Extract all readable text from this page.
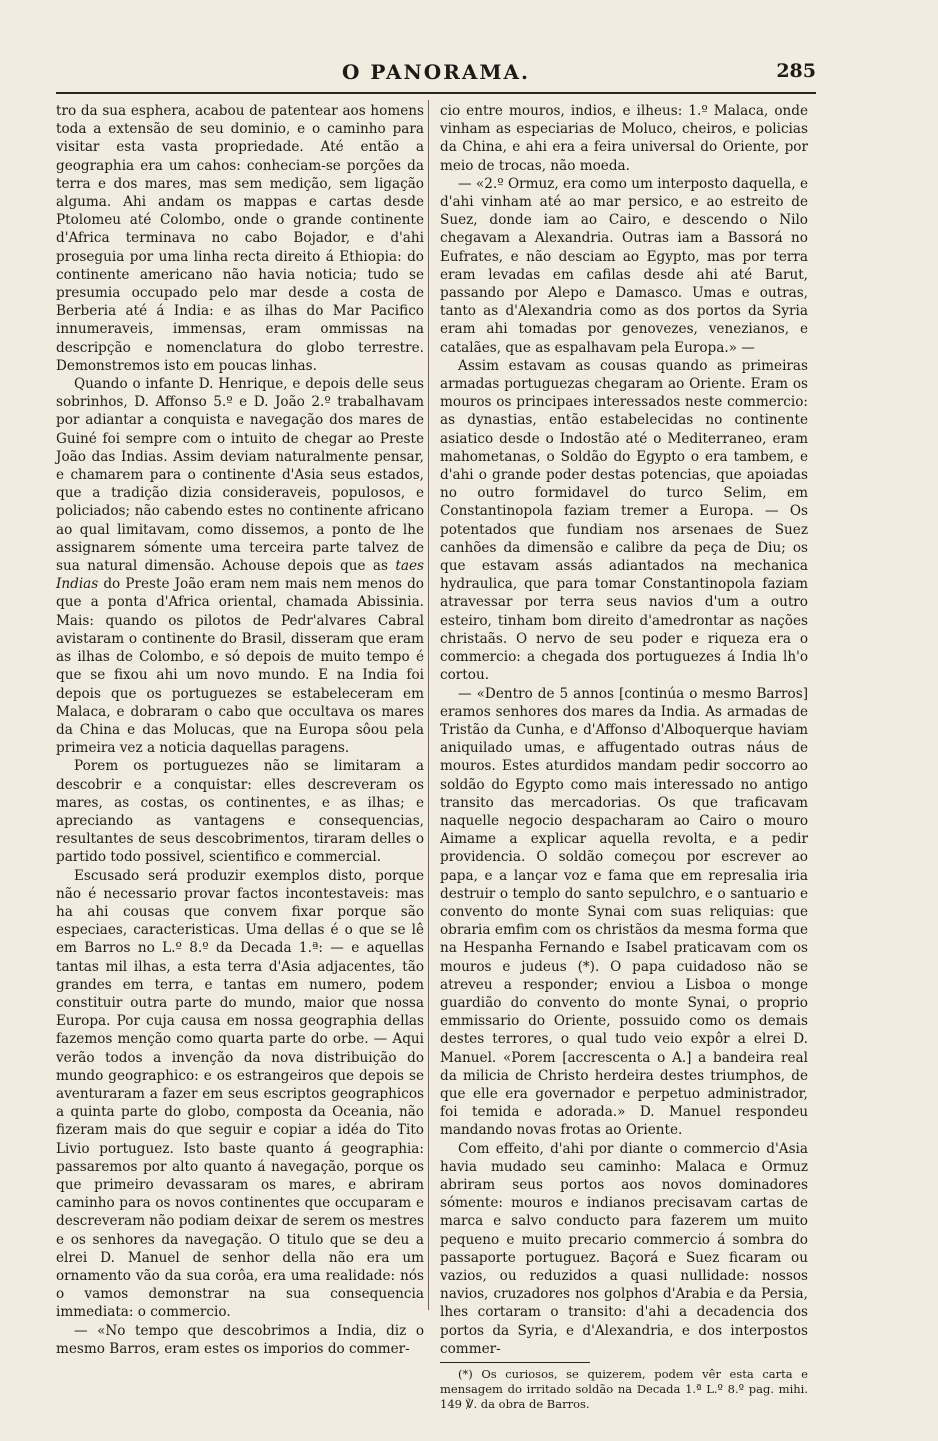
O PANORAMA.	285

tro da sua esphera, acabou de patentear aos homens toda a extensão de seu dominio, e o caminho para visitar esta vasta propriedade. Até então a geographia era um cahos: conheciam-se porções da terra e dos mares, mas sem medição, sem ligação alguma. Ahi andam os mappas e cartas desde Ptolomeu até Colombo, onde o grande continente d'Africa terminava no cabo Bojador, e d'ahi proseguia por uma linha recta direito á Ethiopia: do continente americano não havia noticia; tudo se presumia occupado pelo mar desde a costa de Berberia até á India: e as ilhas do Mar Pacifico innumeraveis, immensas, eram ommissas na descripção e nomenclatura do globo terrestre. Demonstremos isto em poucas linhas.

Quando o infante D. Henrique, e depois delle seus sobrinhos, D. Affonso 5.º e D. João 2.º trabalhavam por adiantar a conquista e navegação dos mares de Guiné foi sempre com o intuito de chegar ao Preste João das Indias. Assim deviam naturalmente pensar, e chamarem para o continente d'Asia seus estados, que a tradição dizia consideraveis, populosos, e policiados; não cabendo estes no continente africano ao qual limitavam, como dissemos, a ponto de lhe assignarem sómente uma terceira parte talvez de sua natural dimensão. Achouse depois que as taes Indias do Preste João eram nem mais nem menos do que a ponta d'Africa oriental, chamada Abissinia. Mais: quando os pilotos de Pedr'alvares Cabral avistaram o continente do Brasil, disseram que eram as ilhas de Colombo, e só depois de muito tempo é que se fixou ahi um novo mundo. E na India foi depois que os portuguezes se estabeleceram em Malaca, e dobraram o cabo que occultava os mares da China e das Molucas, que na Europa sôou pela primeira vez a noticia daquellas paragens.

Porem os portuguezes não se limitaram a descobrir e a conquistar: elles descreveram os mares, as costas, os continentes, e as ilhas; e apreciando as vantagens e consequencias, resultantes de seus descobrimentos, tiraram delles o partido todo possivel, scientifico e commercial.

Escusado será produzir exemplos disto, porque não é necessario provar factos incontestaveis: mas ha ahi cousas que convem fixar porque são especiaes, caracteristicas. Uma dellas é o que se lê em Barros no L.º 8.º da Decada 1.ª: — e aquellas tantas mil ilhas, a esta terra d'Asia adjacentes, tão grandes em terra, e tantas em numero, podem constituir outra parte do mundo, maior que nossa Europa. Por cuja causa em nossa geographia dellas fazemos menção como quarta parte do orbe. — Aqui verão todos a invenção da nova distribuição do mundo geographico: e os estrangeiros que depois se aventuraram a fazer em seus escriptos geographicos a quinta parte do globo, composta da Oceania, não fizeram mais do que seguir e copiar a idéa do Tito Livio portuguez. Isto baste quanto á geographia: passaremos por alto quanto á navegação, porque os que primeiro devassaram os mares, e abriram caminho para os novos continentes que occuparam e descreveram não podiam deixar de serem os mestres e os senhores da navegação. O titulo que se deu a elrei D. Manuel de senhor della não era um ornamento vão da sua corôa, era uma realidade: nós o vamos demonstrar na sua consequencia immediata: o commercio.

— «No tempo que descobrimos a India, diz o mesmo Barros, eram estes os imporios do commer-

cio entre mouros, indios, e ilheus: 1.º Malaca, onde vinham as especiarias de Moluco, cheiros, e policias da China, e ahi era a feira universal do Oriente, por meio de trocas, não moeda.

— «2.º Ormuz, era como um interposto daquella, e d'ahi vinham até ao mar persico, e ao estreito de Suez, donde iam ao Cairo, e descendo o Nilo chegavam a Alexandria. Outras iam a Bassorá no Eufrates, e não desciam ao Egypto, mas por terra eram levadas em cafilas desde ahi até Barut, passando por Alepo e Damasco. Umas e outras, tanto as d'Alexandria como as dos portos da Syria eram ahi tomadas por genovezes, venezianos, e catalães, que as espalhavam pela Europa.» —

Assim estavam as cousas quando as primeiras armadas portuguezas chegaram ao Oriente. Eram os mouros os principaes interessados neste commercio: as dynastias, então estabelecidas no continente asiatico desde o Indostão até o Mediterraneo, eram mahometanas, o Soldão do Egypto o era tambem, e d'ahi o grande poder destas potencias, que apoiadas no outro formidavel do turco Selim, em Constantinopola faziam tremer a Europa. — Os potentados que fundiam nos arsenaes de Suez canhões da dimensão e calibre da peça de Diu; os que estavam assás adiantados na mechanica hydraulica, que para tomar Constantinopola faziam atravessar por terra seus navios d'um a outro esteiro, tinham bom direito d'amedrontar as nações christaãs. O nervo de seu poder e riqueza era o commercio: a chegada dos portuguezes á India lh'o cortou.

— «Dentro de 5 annos [continúa o mesmo Barros] eramos senhores dos mares da India. As armadas de Tristão da Cunha, e d'Affonso d'Alboquerque haviam aniquilado umas, e affugentado outras náus de mouros. Estes aturdidos mandam pedir soccorro ao soldão do Egypto como mais interessado no antigo transito das mercadorias. Os que traficavam naquelle negocio despacharam ao Cairo o mouro Aimame a explicar aquella revolta, e a pedir providencia. O soldão começou por escrever ao papa, e a lançar voz e fama que em represalia iria destruir o templo do santo sepulchro, e o santuario e convento do monte Synai com suas reliquias: que obraria emfim com os christãos da mesma forma que na Hespanha Fernando e Isabel praticavam com os mouros e judeus (*). O papa cuidadoso não se atreveu a responder; enviou a Lisboa o monge guardião do convento do monte Synai, o proprio emmissario do Oriente, possuido como os demais destes terrores, o qual tudo veio expôr a elrei D. Manuel. «Porem [accrescenta o A.] a bandeira real da milicia de Christo herdeira destes triumphos, de que elle era governador e perpetuo administrador, foi temida e adorada.» D. Manuel respondeu mandando novas frotas ao Oriente.

Com effeito, d'ahi por diante o commercio d'Asia havia mudado seu caminho: Malaca e Ormuz abriram seus portos aos novos dominadores sómente: mouros e indianos precisavam cartas de marca e salvo conducto para fazerem um muito pequeno e muito precario commercio á sombra do passaporte portuguez. Baçorá e Suez ficaram ou vazios, ou reduzidos a quasi nullidade: nossos navios, cruzadores nos golphos d'Arabia e da Persia, lhes cortaram o transito: d'ahi a decadencia dos portos da Syria, e d'Alexandria, e dos interpostos commer-

(*) Os curiosos, se quizerem, podem vêr esta carta e mensagem do irritado soldão na Decada 1.ª L.º 8.º pag. mihi. 149 ℣. da obra de Barros.
